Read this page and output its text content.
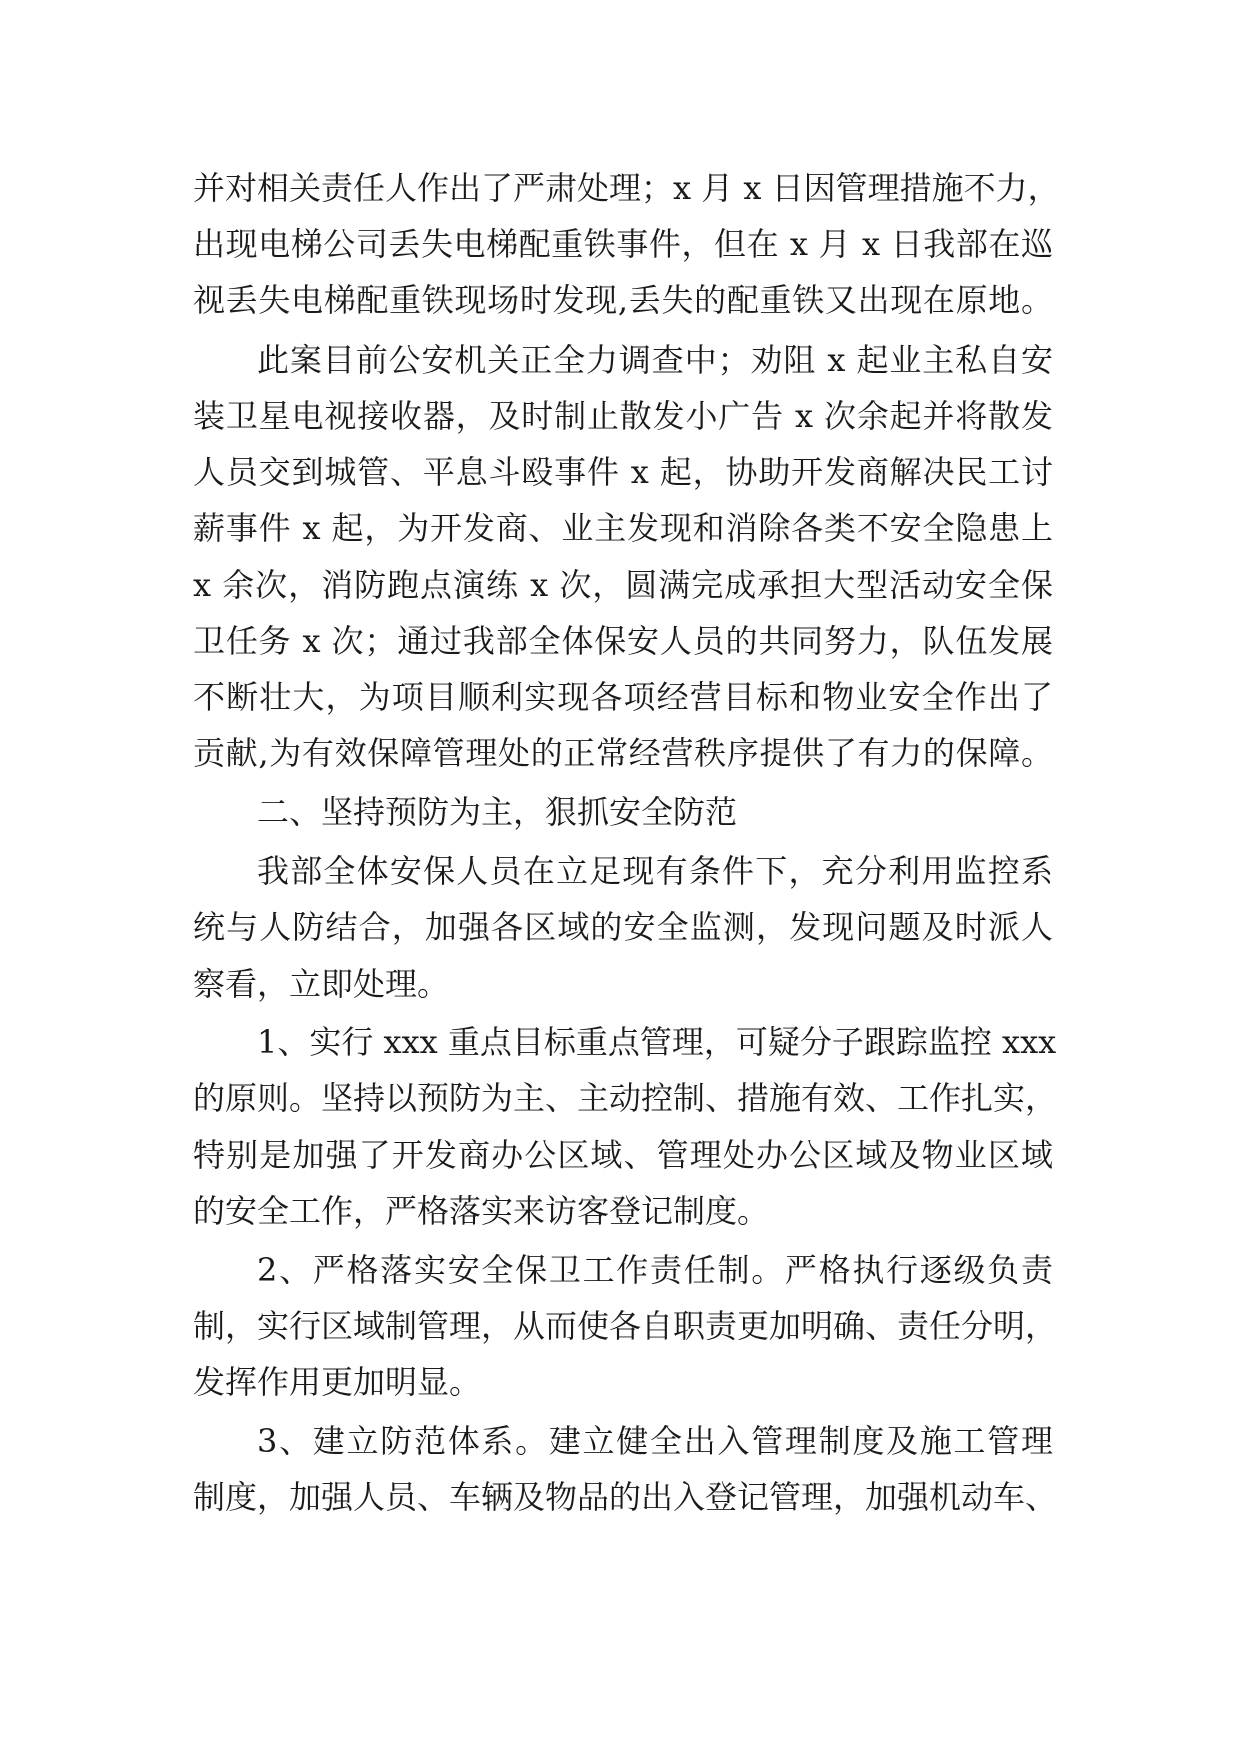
并对相关责任人作出了严肃处理；x 月 x 日因管理措施不力，
出现电梯公司丢失电梯配重铁事件，但在 x 月 x 日我部在巡
视丢失电梯配重铁现场时发现,丢失的配重铁又出现在原地。
此案目前公安机关正全力调查中；劝阻 x 起业主私自安
装卫星电视接收器，及时制止散发小广告 x 次余起并将散发
人员交到城管、平息斗殴事件 x 起，协助开发商解决民工讨
薪事件 x 起，为开发商、业主发现和消除各类不安全隐患上
x 余次，消防跑点演练 x 次，圆满完成承担大型活动安全保
卫任务 x 次；通过我部全体保安人员的共同努力，队伍发展
不断壮大，为项目顺利实现各项经营目标和物业安全作出了
贡献,为有效保障管理处的正常经营秩序提供了有力的保障。
二、坚持预防为主，狠抓安全防范
我部全体安保人员在立足现有条件下，充分利用监控系
统与人防结合，加强各区域的安全监测，发现问题及时派人
察看，立即处理。
1、实行 xxx 重点目标重点管理，可疑分子跟踪监控 xxx
的原则。坚持以预防为主、主动控制、措施有效、工作扎实，
特别是加强了开发商办公区域、管理处办公区域及物业区域
的安全工作，严格落实来访客登记制度。
2、严格落实安全保卫工作责任制。严格执行逐级负责
制，实行区域制管理，从而使各自职责更加明确、责任分明，
发挥作用更加明显。
3、建立防范体系。建立健全出入管理制度及施工管理
制度，加强人员、车辆及物品的出入登记管理，加强机动车、
